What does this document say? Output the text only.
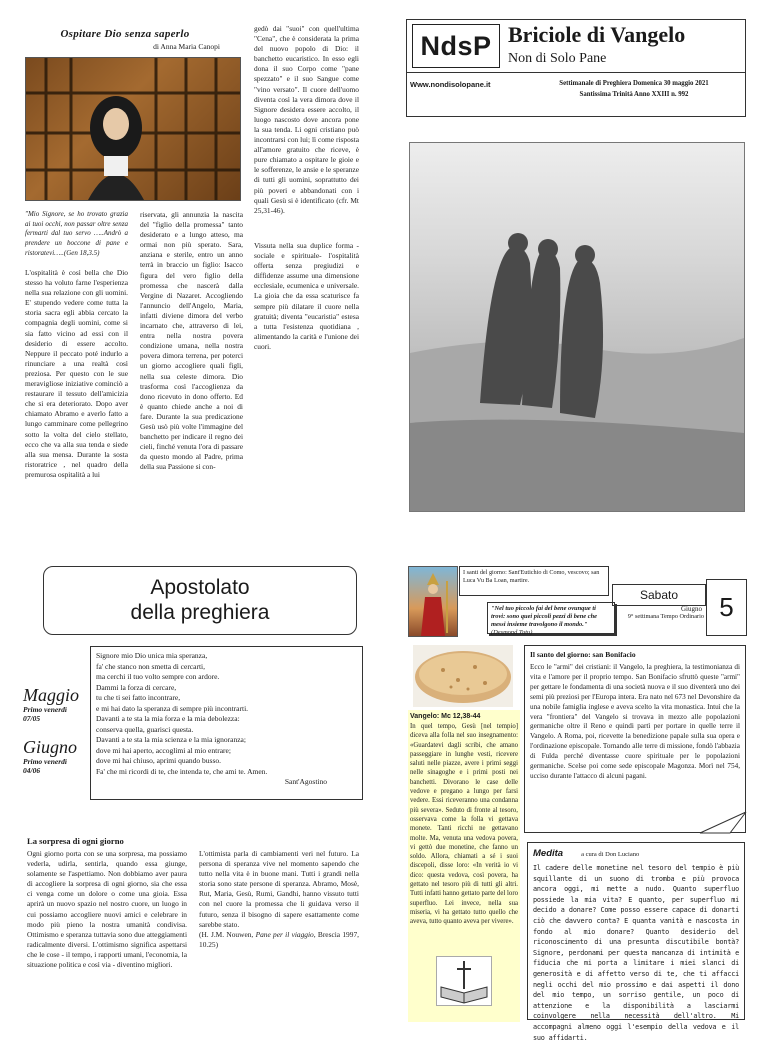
Ospitare Dio senza saperlo
di Anna Maria Canopi
"Mio Signore, se ho trovato grazia ai tuoi occhi, non passar oltre senza fermarti dal tuo servo …..Andrò a prendere un boccone di pane e ristoratevi…..(Gen 18,3.5)
L'ospitalità è così bella che Dio stesso ha voluto farne l'esperienza nella sua relazione con gli uomini. E' stupendo vedere come tutta la storia sacra egli abbia cercato la compagnia degli uomini, come si sia fatto vicino ad essi con il desiderio di essere accolto. Neppure il peccato poté indurlo a rinunciare a una realtà così preziosa. Per questo con le sue meravigliose iniziative cominciò a restaurare il tessuto dell'amicizia che si era deteriorato. Dopo aver chiamato Abramo e averlo fatto a lungo camminare come pellegrino sotto la volta del cielo stellato, ecco che va alla sua tenda e siede alla sua mensa. Durante la sosta ristoratrice , nel quadro della premurosa ospitalità a lui
riservata, gli annunzia la nascita del "figlio della promessa" tanto desiderato e a lungo atteso, ma ormai non più sperato. Sara, anziana e sterile, entro un anno terrà in braccio un figlio: Isacco figura del vero figlio della promessa che nascerà dalla Vergine di Nazaret. Accogliendo l'annuncio dell'Angelo, Maria, infatti diviene dimora del verbo incarnato che, attraverso di lei, entra nella nostra povera condizione umana, nella nostra povera dimora terrena, per poterci un giorno accogliere quali figli, nella sua celeste dimora. Dio trasforma così l'accoglienza da dono ricevuto in dono offerto. Ed è quanto chiede anche a noi di fare. Durante la sua predicazione Gesù usò più volte l'immagine del banchetto per indicare il regno dei cieli, finché venuta l'ora di passare da questo mondo al Padre, prima della sua Passione si con-
gedò dai "suoi" con quell'ultima "Cena", che è considerata la prima del nuovo popolo di Dio: il banchetto eucaristico. In esso egli dona il suo Corpo come "pane spezzato" e il suo Sangue come "vino versato". Il cuore dell'uomo diventa così la vera dimora dove il Signore desidera essere accolto, il luogo nascosto dove ancora pone la sua tenda. Li ogni cristiano può incontrarsi con lui; lì come risposta all'amore gratuito che riceve, è pure chiamato a ospitare le gioie e le sofferenze, le ansie e le speranze di tutti gli uomini, soprattutto dei più poveri e abbandonati con i quali Gesù si è identificato (cfr. Mt 25,31-46).
Vissuta nella sua duplice forma - sociale e spirituale- l'ospitalità offerta senza pregiudizi e diffidenze assume una dimensione ecclesiale, ecumenica e universale. La gioia che da essa scaturisce fa sempre più dilatare il cuore nella gratuità; diventa "eucaristia" estesa a tutta l'esistenza quotidiana , alimentando la carità e l'unione dei cuori.
NdsP Briciole di Vangelo
Non di Solo Pane
Www.nondisolopane.it	Settimanale di Preghiera Domenica 30 maggio 2021
Santissima Trinità Anno XXIII n. 992
Apostolato
della preghiera
Maggio
Primo venerdì
07/05
Giugno
Primo venerdì
04/06
Signore mio Dio unica mia speranza,
fa' che stanco non smetta di cercarti,
ma cerchi il tuo volto sempre con ardore.
Dammi la forza di cercare,
tu che ti sei fatto incontrare,
e mi hai dato la speranza di sempre più incontrarti.
Davanti a te sta la mia forza e la mia debolezza:
conserva quella, guarisci questa.
Davanti a te sta la mia scienza e la mia ignoranza;
dove mi hai aperto, accoglimi al mio entrare;
dove mi hai chiuso, aprimi quando busso.
Fa' che mi ricordi di te, che intenda te, che ami te. Amen.
Sant'Agostino
La sorpresa di ogni giorno
Ogni giorno porta con se una sorpresa, ma possiamo vederla, udirla, sentirla, quando essa giunge, solamente se l'aspettiamo. Non dobbiamo aver paura di accogliere la sorpresa di ogni giorno, sia che essa ci venga come un dolore o come una gioia. Essa aprirà un nuovo spazio nel nostro cuore, un luogo in cui possiamo accogliere nuovi amici e celebrare in modo più pieno la nostra umanità condivisa. Ottimismo e speranza tuttavia sono due atteggiamenti radicalmente diversi. L'ottimismo significa aspettarsi che le cose - il tempo, i rapporti umani, l'economia, la situazione politica e così via - diventino migliori.
L'ottimista parla di cambiamenti veri nel futuro. La persona di speranza vive nel momento sapendo che tutto nella vita è in buone mani. Tutti i grandi nella storia sono state persone di speranza. Abramo, Mosè, Rut, Maria, Gesù, Rumi, Gandhi, hanno vissuto tutti con nel cuore la promessa che li guidava verso il futuro, senza il bisogno di sapere esattamente come sarebbe stato.
(H. J.M. Nouwen, Pane per il viaggio, Brescia 1997, 10.25)
I santi del giorno: Sant'Eutichio di Como, vescovo; san Luca Vu Ba Loan, martire.
Sabato 5
Giugno
9° settimana Tempo Ordinario
"Nel tuo piccolo fai del bene ovunque ti trovi: sono quei piccoli pezzi di bene che messi insieme travolgono il mondo." (Desmond Tutu)
Vangelo: Mc 12,38-44
In quel tempo, Gesù [nel tempio] diceva alla folla nel suo insegnamento: «Guardatevi dagli scribi, che amano passeggiare in lunghe vesti, ricevere saluti nelle piazze, avere i primi seggi nelle sinagoghe e i primi posti nei banchetti. Divorano le case delle vedove e pregano a lungo per farsi vedere. Essi riceveranno una condanna più severa». Seduto di fronte al tesoro, osservava come la folla vi gettava monete. Tanti ricchi ne gettavano molte. Ma, venuta una vedova povera, vi gettò due monetine, che fanno un soldo. Allora, chiamati a sé i suoi discepoli, disse loro: «In verità io vi dico: questa vedova, così povera, ha gettato nel tesoro più di tutti gli altri. Tutti infatti hanno gettato parte del loro superfluo. Lei invece, nella sua miseria, vi ha gettato tutto quello che aveva, tutto quanto aveva per vivere».
Il santo del giorno: san Bonifacio
Ecco le "armi" dei cristiani: il Vangelo, la preghiera, la testimonianza di vita e l'amore per il proprio tempo. San Bonifacio sfruttò queste "armi" per gettare le fondamenta di una società nuova e il suo diventerà uno dei semi più preziosi per l'Europa intera. Era nato nel 673 nel Devonshire da una nobile famiglia inglese e aveva scelto la vita monastica. Intuì che la vera "frontiera" del Vangelo si trovava in mezzo alle popolazioni germaniche oltre il Reno e quindi partì per portare in quelle terre il Vangelo. A Roma, poi, ricevette la benedizione papale sulla sua opera e l'ordinazione episcopale. Tornando alle terre di missione, fondò l'abbazia di Fulda perché diventasse cuore spirituale per le popolazioni germaniche. Scelse poi come sede episcopale Magonza. Morì nel 754, ucciso durante l'attacco di alcuni pagani.
Medita	a cura di Don Luciano
Il cadere delle monetine nel tesoro del tempio è più squillante di un suono di tromba e più provoca ancora oggi, mi mette a nudo. Quanto superfluo possiede la mia vita? E quanto, per superfluo mi decido a donare? Come posso essere capace di donarti ciò che davvero conta? E quanta vanità e nascosta in fondo al mio donare? Quanto desiderio del riconoscimento di una presunta discutibile bontà? Signore, perdonami per questa mancanza di intimità e fiducia che mi porta a limitare i miei slanci di generosità e di affetto verso di te, che ti affacci negli occhi del mio prossimo e dai aspetti il dono del mio tempo, un sorriso gentile, un poco di attenzione e la disponibilità a lasciarmi coinvolgere nella necessità dell'altro. Mi accompagni almeno oggi l'esempio della vedova e il suo affidarti.
